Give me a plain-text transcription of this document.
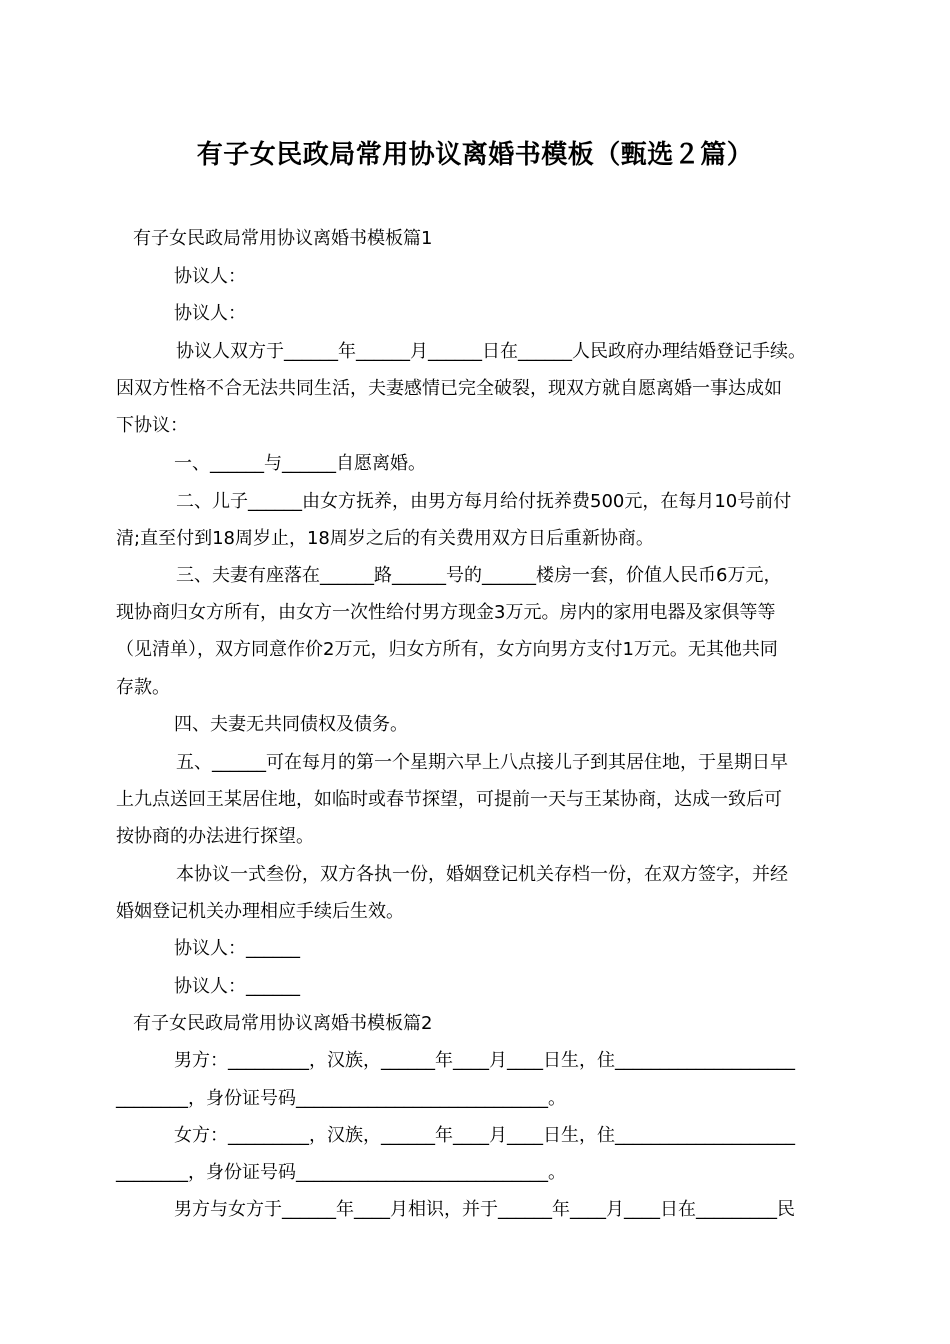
有子女民政局常用协议离婚书模板（甄选２篇）
有子女民政局常用协议离婚书模板篇1
协议人：
协议人：
协议人双方于______年______月______日在______人民政府办理结婚登记手续。
因双方性格不合无法共同生活，夫妻感情已完全破裂，现双方就自愿离婚一事达成如
下协议：
一、______与______自愿离婚。
二、儿子______由女方抚养，由男方每月给付抚养费500元，在每月10号前付
清;直至付到18周岁止，18周岁之后的有关费用双方日后重新协商。
三、夫妻有座落在______路______号的______楼房一套，价值人民币6万元，
现协商归女方所有，由女方一次性给付男方现金3万元。房内的家用电器及家俱等等
（见清单），双方同意作价2万元，归女方所有，女方向男方支付1万元。无其他共同
存款。
四、夫妻无共同债权及债务。
五、______可在每月的第一个星期六早上八点接儿子到其居住地，于星期日早
上九点送回王某居住地，如临时或春节探望，可提前一天与王某协商，达成一致后可
按协商的办法进行探望。
本协议一式叁份，双方各执一份，婚姻登记机关存档一份，在双方签字，并经
婚姻登记机关办理相应手续后生效。
协议人：______
协议人：______
有子女民政局常用协议离婚书模板篇2
男方：_________，汉族，______年____月____日生，住____________________
________，身份证号码____________________________。
女方：_________，汉族，______年____月____日生，住____________________
________，身份证号码____________________________。
男方与女方于______年____月相识，并于______年____月____日在_________民
